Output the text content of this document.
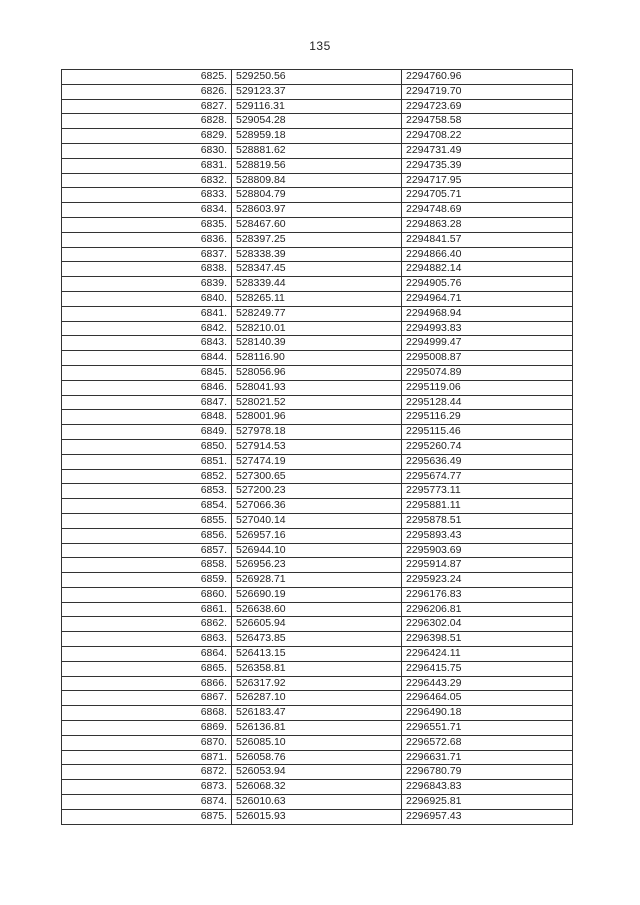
135
6825.	529250.56	2294760.96
6826.	529123.37	2294719.70
6827.	529116.31	2294723.69
6828.	529054.28	2294758.58
6829.	528959.18	2294708.22
6830.	528881.62	2294731.49
6831.	528819.56	2294735.39
6832.	528809.84	2294717.95
6833.	528804.79	2294705.71
6834.	528603.97	2294748.69
6835.	528467.60	2294863.28
6836.	528397.25	2294841.57
6837.	528338.39	2294866.40
6838.	528347.45	2294882.14
6839.	528339.44	2294905.76
6840.	528265.11	2294964.71
6841.	528249.77	2294968.94
6842.	528210.01	2294993.83
6843.	528140.39	2294999.47
6844.	528116.90	2295008.87
6845.	528056.96	2295074.89
6846.	528041.93	2295119.06
6847.	528021.52	2295128.44
6848.	528001.96	2295116.29
6849.	527978.18	2295115.46
6850.	527914.53	2295260.74
6851.	527474.19	2295636.49
6852.	527300.65	2295674.77
6853.	527200.23	2295773.11
6854.	527066.36	2295881.11
6855.	527040.14	2295878.51
6856.	526957.16	2295893.43
6857.	526944.10	2295903.69
6858.	526956.23	2295914.87
6859.	526928.71	2295923.24
6860.	526690.19	2296176.83
6861.	526638.60	2296206.81
6862.	526605.94	2296302.04
6863.	526473.85	2296398.51
6864.	526413.15	2296424.11
6865.	526358.81	2296415.75
6866.	526317.92	2296443.29
6867.	526287.10	2296464.05
6868.	526183.47	2296490.18
6869.	526136.81	2296551.71
6870.	526085.10	2296572.68
6871.	526058.76	2296631.71
6872.	526053.94	2296780.79
6873.	526068.32	2296843.83
6874.	526010.63	2296925.81
6875.	526015.93	2296957.43
